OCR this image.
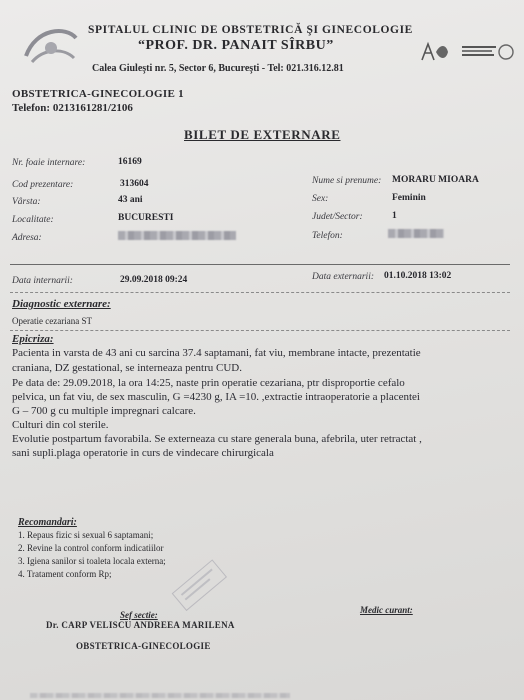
SPITALUL CLINIC DE OBSTETRICĂ ŞI GINECOLOGIE
“PROF. DR. PANAIT SÎRBU”
Calea Giuleşti nr. 5, Sector 6, Bucureşti - Tel: 021.316.12.81
OBSTETRICA-GINECOLOGIE 1
Telefon: 0213161281/2106
BILET DE EXTERNARE
Nr. foaie internare:	16169
Cod prezentare:	313604
Vârsta:	43 ani
Localitate:	BUCURESTI
Adresa:
Nume si prenume: MORARU MIOARA
Sex:	Feminin
Judet/Sector:	1
Telefon:
Data internarii:	29.09.2018 09:24	Data externarii: 01.10.2018 13:02
Diagnostic externare:
Operatie cezariana ST
Epicriza:
Pacienta in varsta de 43 ani cu sarcina 37.4 saptamani, fat viu, membrane intacte, prezentatie
craniana, DZ gestational, se interneaza pentru CUD.
Pe data de: 29.09.2018, la ora 14:25, naste prin operatie cezariana, ptr disproportie cefalo
pelvica, un fat viu, de sex masculin, G =4230 g, IA =10. ,extractie intraoperatorie a placentei
G – 700 g cu multiple impregnari calcare.
Culturi din col sterile.
Evolutie postpartum favorabila. Se externeaza cu stare generala buna, afebrila, uter retractat ,
sani supli.plaga operatorie in curs de vindecare chirurgicala
Recomandari:
1. Repaus fizic si sexual 6 saptamani;
2. Revine la control conform indicatiilor
3. Igiena sanilor si toaleta locala externa;
4. Tratament conform Rp;
Sef sectie:
Dr. CARP VELISCU ANDREEA MARILENA
OBSTETRICA-GINECOLOGIE
Medic curant:
